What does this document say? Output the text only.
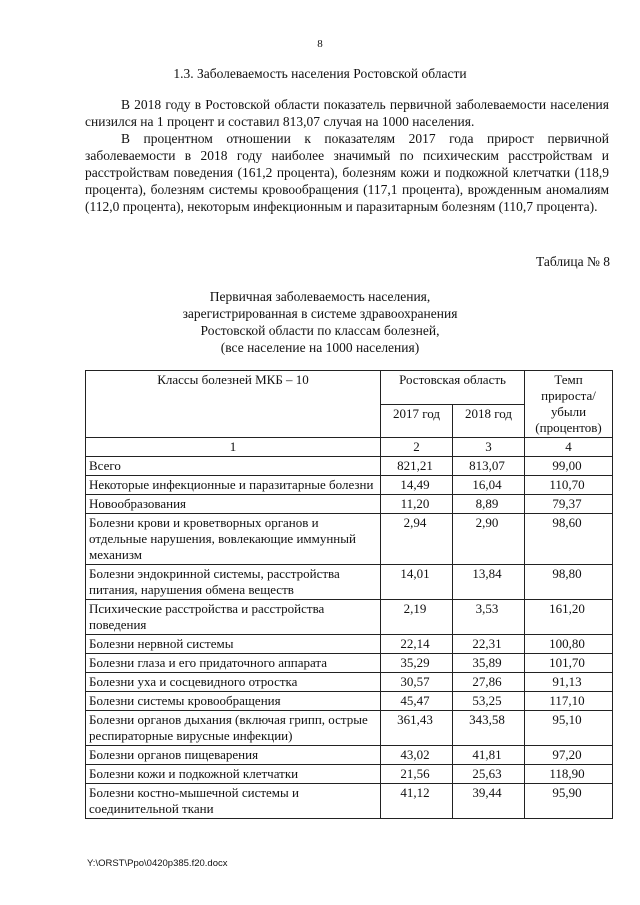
8
1.3. Заболеваемость населения Ростовской области

В 2018 году в Ростовской области показатель первичной заболеваемости населения снизился на 1 процент и составил 813,07 случая на 1000 населения.

В процентном отношении к показателям 2017 года прирост первичной заболеваемости в 2018 году наиболее значимый по психическим расстройствам и расстройствам поведения (161,2 процента), болезням кожи и подкожной клетчатки (118,9 процента), болезням системы кровообращения (117,1 процента), врожденным аномалиям (112,0 процента), некоторым инфекционным и паразитарным болезням (110,7 процента).

Таблица № 8
Первичная заболеваемость населения,
зарегистрированная в системе здравоохранения
Ростовской области по классам болезней,
(все население на 1000 населения)
Классы болезней МКБ – 10	Ростовская область		Темп прироста/ убыли (процентов)
	2017 год	2018 год	
1	2	3	4
Всего	821,21	813,07	99,00
Некоторые инфекционные и паразитарные болезни	14,49	16,04	110,70
Новообразования	11,20	8,89	79,37
Болезни крови и кроветворных органов и отдельные нарушения, вовлекающие иммунный механизм	2,94	2,90	98,60
Болезни эндокринной системы, расстройства питания, нарушения обмена веществ	14,01	13,84	98,80
Психические расстройства и расстройства поведения	2,19	3,53	161,20
Болезни нервной системы	22,14	22,31	100,80
Болезни глаза и его придаточного аппарата	35,29	35,89	101,70
Болезни уха и сосцевидного отростка	30,57	27,86	91,13
Болезни системы кровообращения	45,47	53,25	117,10
Болезни органов дыхания (включая грипп, острые респираторные вирусные инфекции)	361,43	343,58	95,10
Болезни органов пищеварения	43,02	41,81	97,20
Болезни кожи и подкожной клетчатки	21,56	25,63	118,90
Болезни костно-мышечной системы и соединительной ткани	41,12	39,44	95,90
Y:\ORST\Ppo\0420p385.f20.docx
